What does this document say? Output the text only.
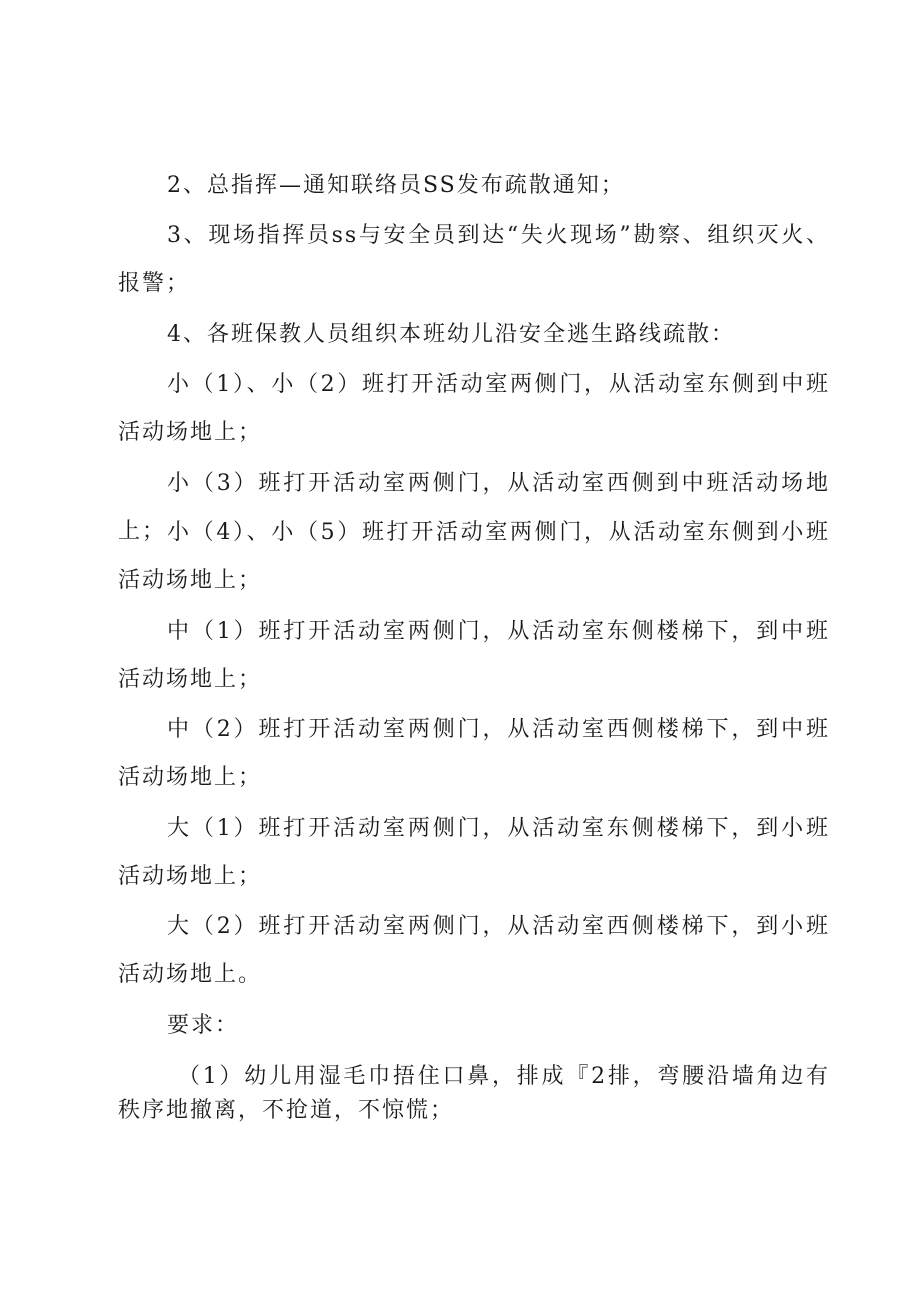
2、总指挥—通知联络员SS发布疏散通知；

3、现场指挥员ss与安全员到达“失火现场”勘察、组织灭火、报警；

4、各班保教人员组织本班幼儿沿安全逃生路线疏散：

小（1）、小（2）班打开活动室两侧门，从活动室东侧到中班活动场地上；

小（3）班打开活动室两侧门，从活动室西侧到中班活动场地上； 小（4）、小（5）班打开活动室两侧门，从活动室东侧到小班活动场地上；

中（1）班打开活动室两侧门，从活动室东侧楼梯下，到中班活动场地上；

中（2）班打开活动室两侧门，从活动室西侧楼梯下，到中班活动场地上；

大（1）班打开活动室两侧门，从活动室东侧楼梯下，到小班活动场地上；

大（2）班打开活动室两侧门，从活动室西侧楼梯下，到小班活动场地上。

要求：

（1）幼儿用湿毛巾捂住口鼻，排成『2排，弯腰沿墙角边有秩序地撤离，不抢道，不惊慌；
